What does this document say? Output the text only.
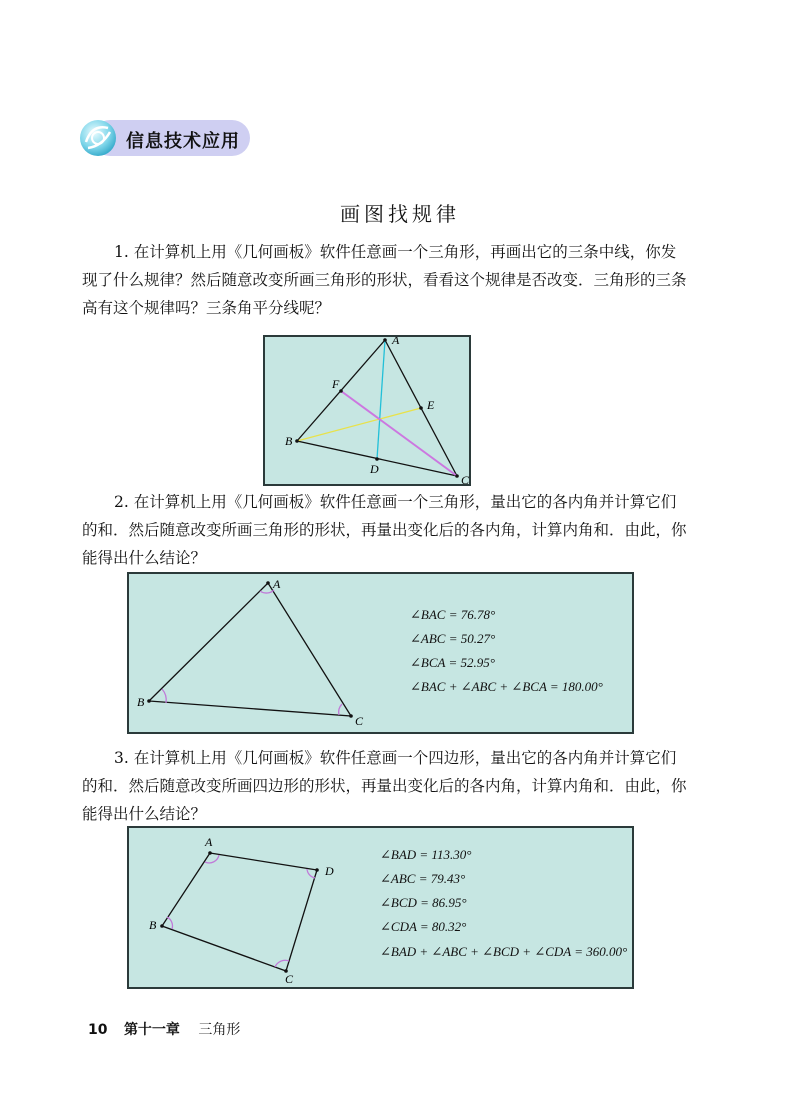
信息技术应用
画图找规律
1. 在计算机上用《几何画板》软件任意画一个三角形，再画出它的三条中线，你发
现了什么规律？然后随意改变所画三角形的形状，看看这个规律是否改变．三角形的三条
高有这个规律吗？三条角平分线呢？
A
B
C
D
E
F
2. 在计算机上用《几何画板》软件任意画一个三角形，量出它的各内角并计算它们
的和．然后随意改变所画三角形的形状，再量出变化后的各内角，计算内角和．由此，你
能得出什么结论？
A
B
C
∠BAC = 76.78°
∠ABC = 50.27°
∠BCA = 52.95°
∠BAC + ∠ABC + ∠BCA = 180.00°
3. 在计算机上用《几何画板》软件任意画一个四边形，量出它的各内角并计算它们
的和．然后随意改变所画四边形的形状，再量出变化后的各内角，计算内角和．由此，你
能得出什么结论？
A
B
C
D
∠BAD = 113.30°
∠ABC = 79.43°
∠BCD = 86.95°
∠CDA = 80.32°
∠BAD + ∠ABC + ∠BCD + ∠CDA = 360.00°
10 第十一章 三角形
